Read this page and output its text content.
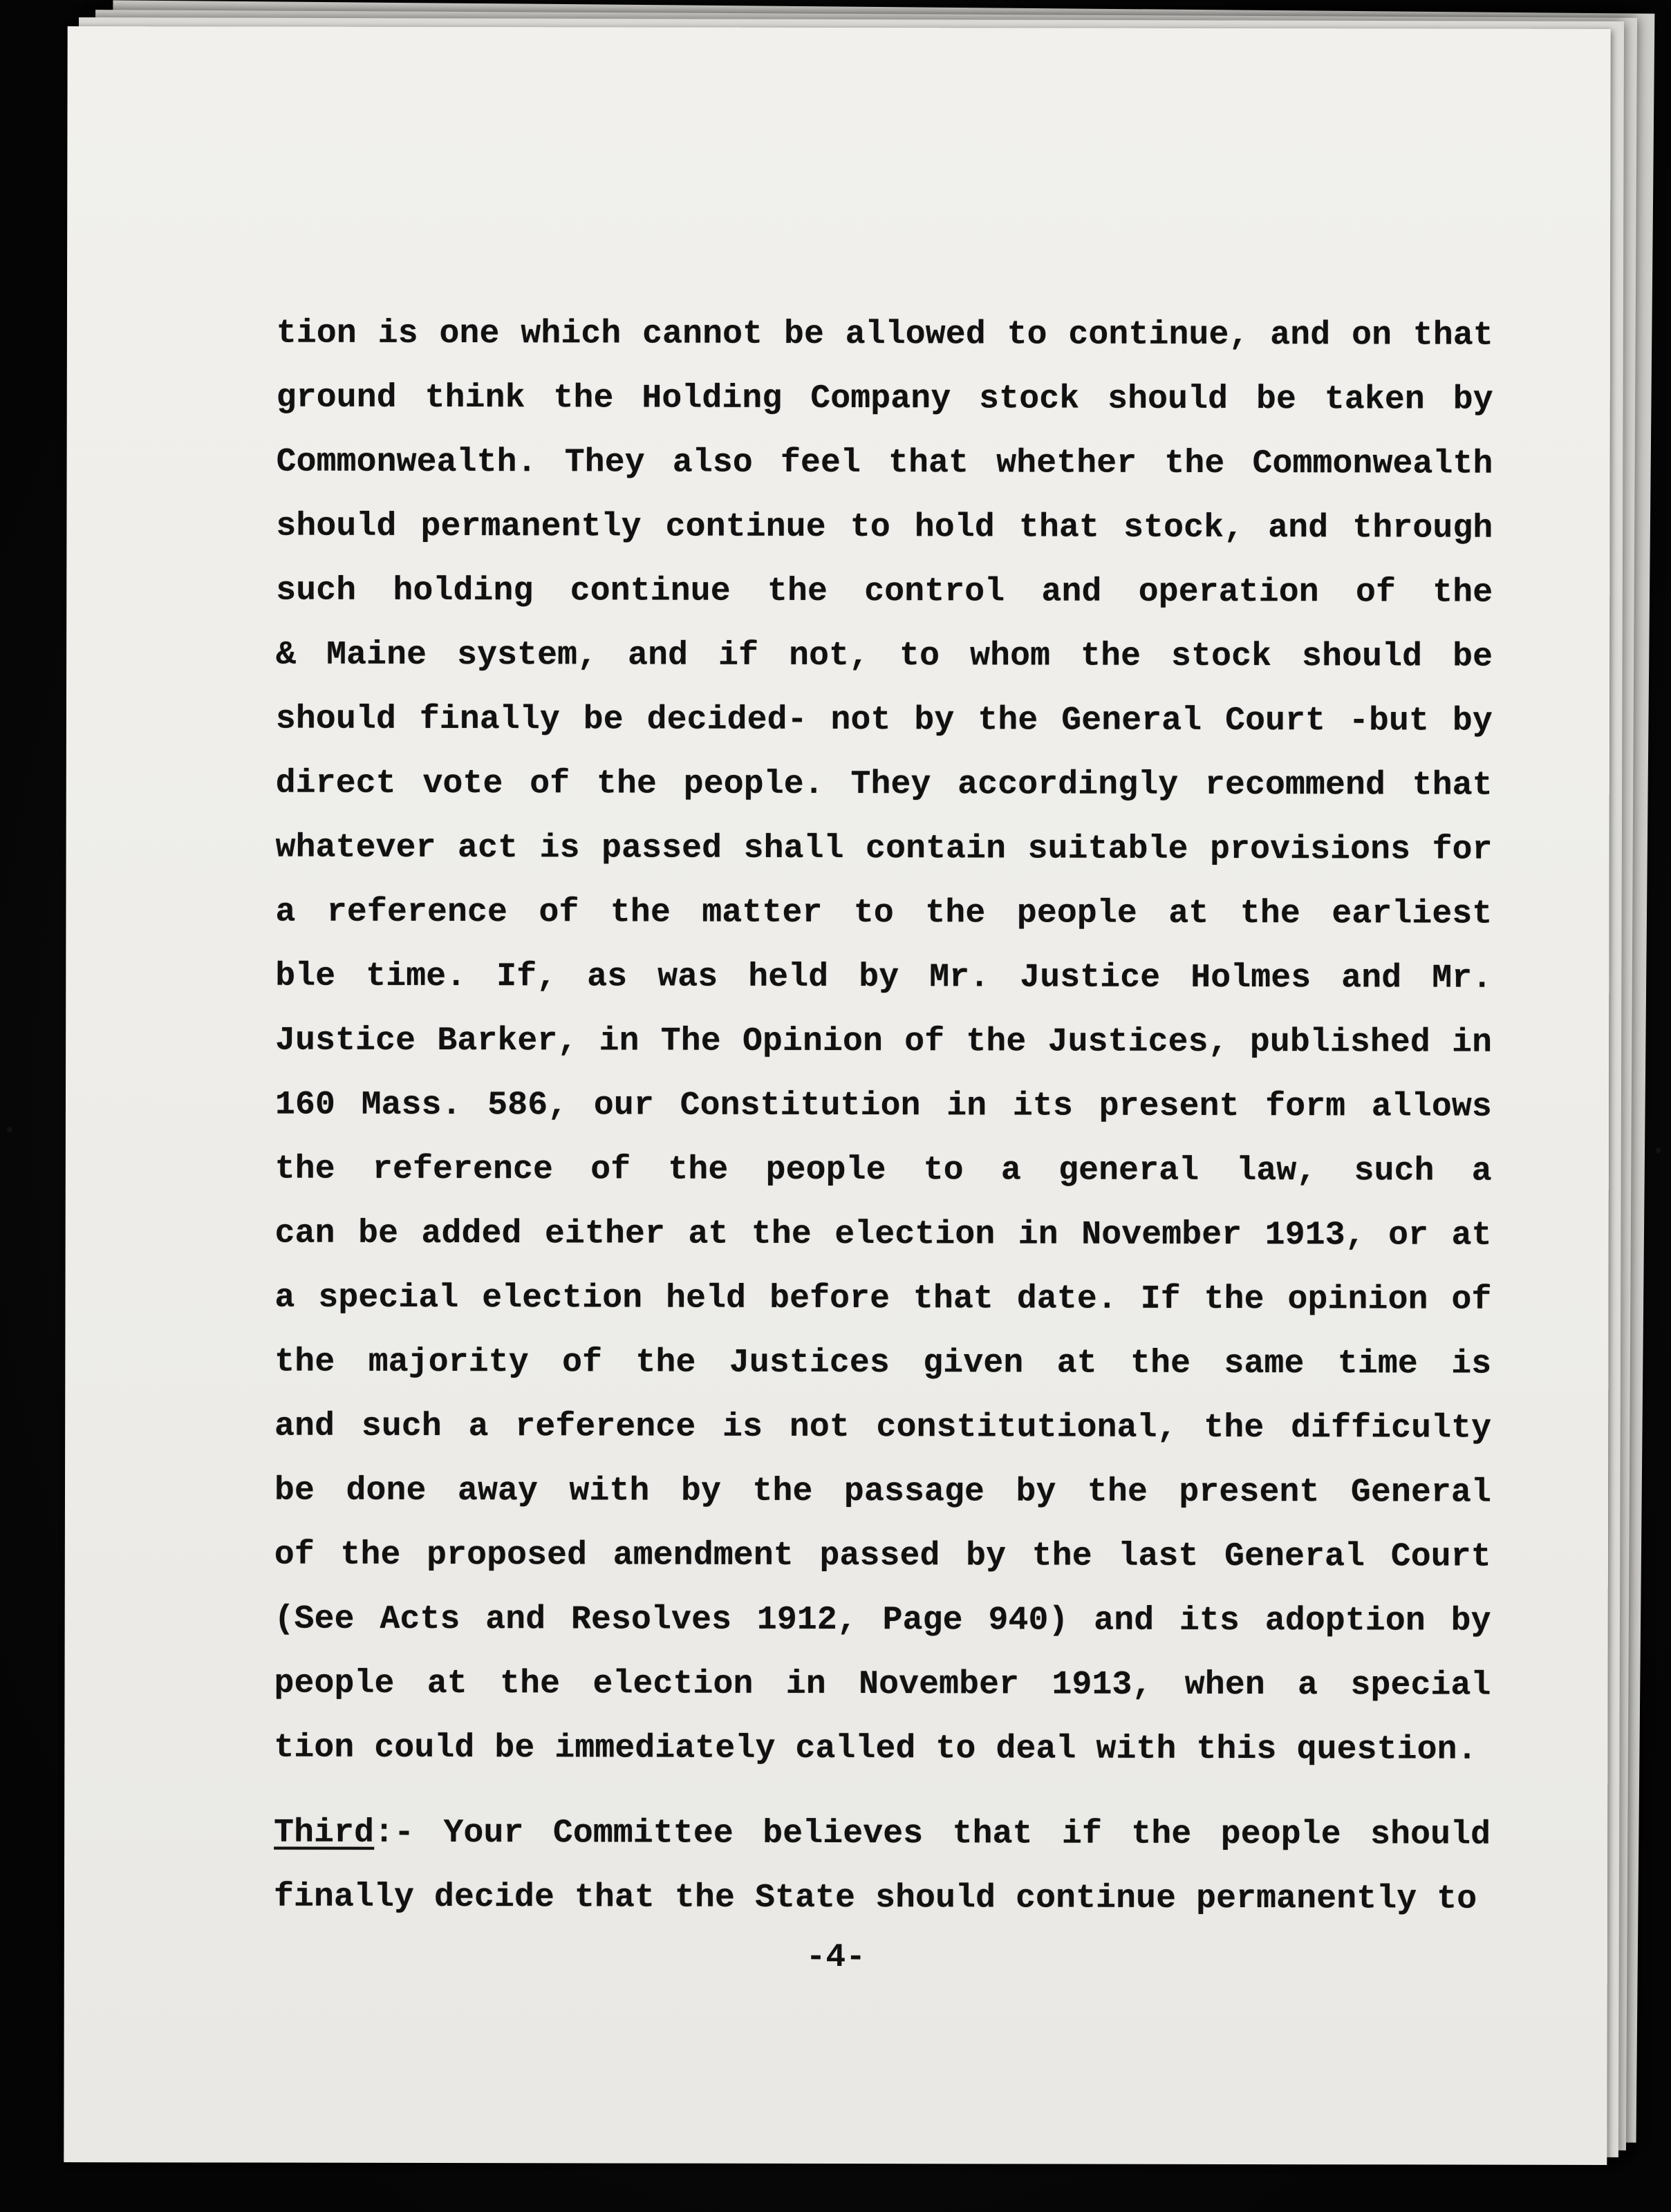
tion is one which cannot be allowed to continue, and on that
ground think the Holding Company stock should be taken by
Commonwealth. They also feel that whether the Commonwealth
should permanently continue to hold that stock, and through
such holding continue the control and operation of the
& Maine system, and if not, to whom the stock should be
should finally be decided- not by the General Court -but by
direct vote of the people. They accordingly recommend that
whatever act is passed shall contain suitable provisions for
a reference of the matter to the people at the earliest
ble time. If, as was held by Mr. Justice Holmes and Mr.
Justice Barker, in The Opinion of the Justices, published in
160 Mass. 586, our Constitution in its present form allows
the reference of the people to a general law, such a
can be added either at the election in November 1913, or at
a special election held before that date. If the opinion of
the majority of the Justices given at the same time is
and such a reference is not constitutional, the difficulty
be done away with by the passage by the present General
of the proposed amendment passed by the last General Court
(See Acts and Resolves 1912, Page 940) and its adoption by
people at the election in November 1913, when a special
tion could be immediately called to deal with this question.
Third:- Your Committee believes that if the people should
finally decide that the State should continue permanently to
-4-
